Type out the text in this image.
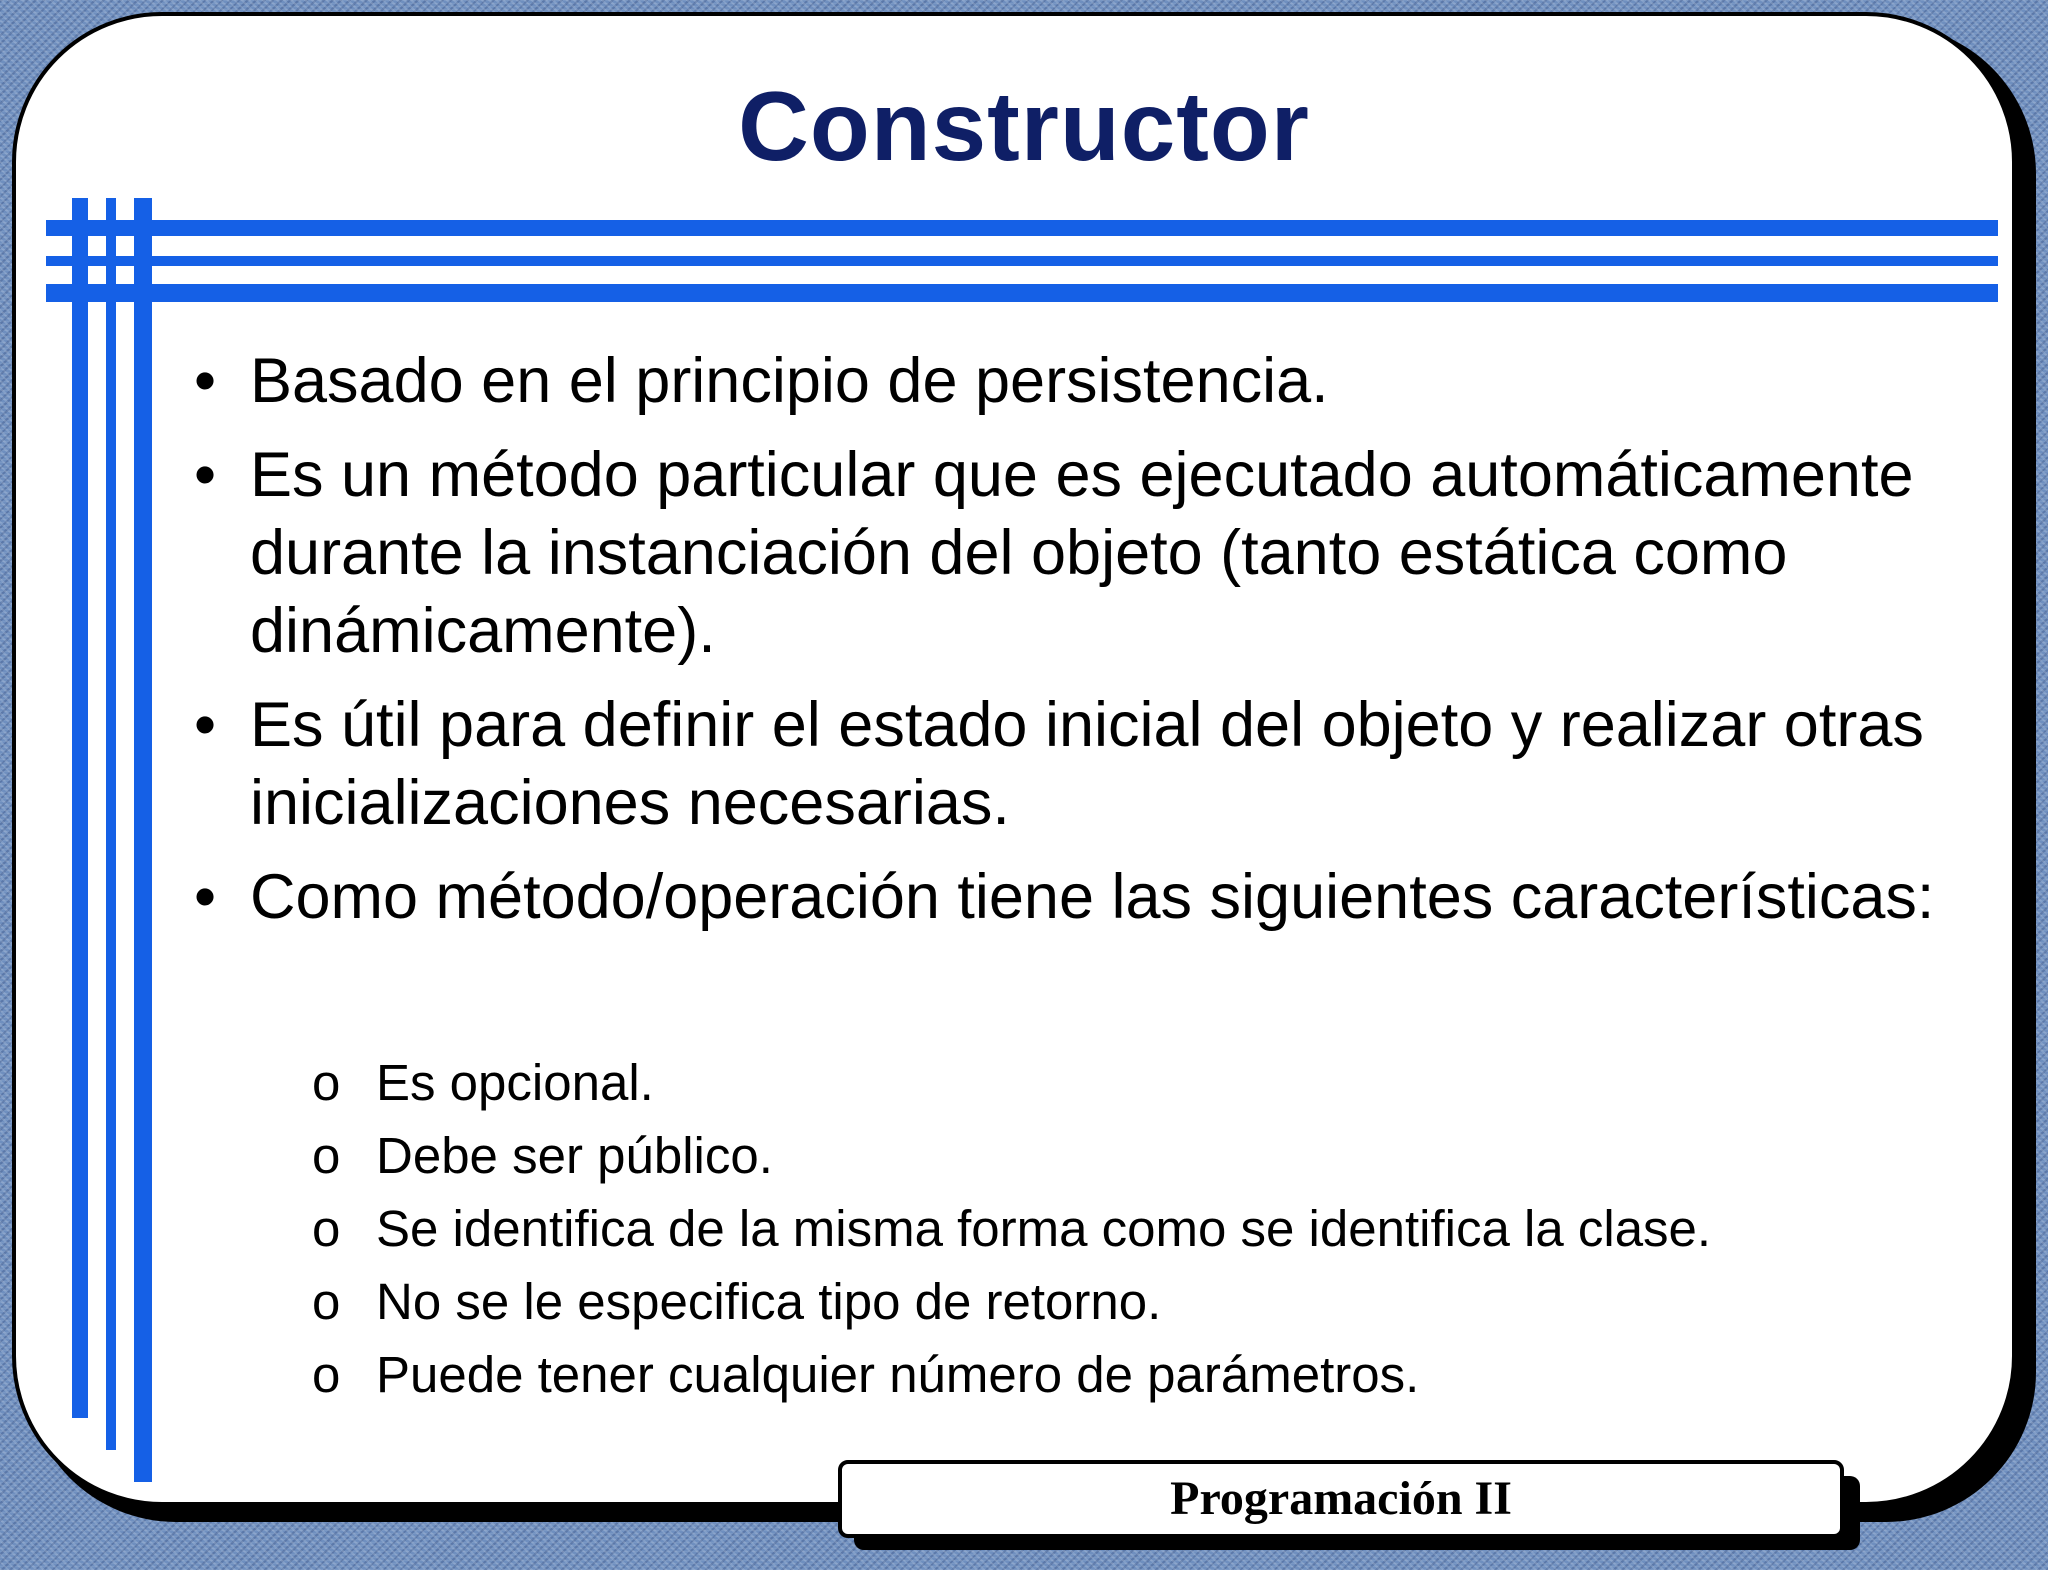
Constructor
• Basado en el principio de persistencia.
• Es un método particular que es ejecutado automáticamente durante la instanciación del objeto (tanto estática como dinámicamente).
• Es útil para definir el estado inicial del objeto y realizar otras inicializaciones necesarias.
• Como método/operación tiene las siguientes características:
o Es opcional.
o Debe ser público.
o Se identifica de la misma forma como se identifica la clase.
o No se le especifica tipo de retorno.
o Puede tener cualquier número de parámetros.
Programación II
